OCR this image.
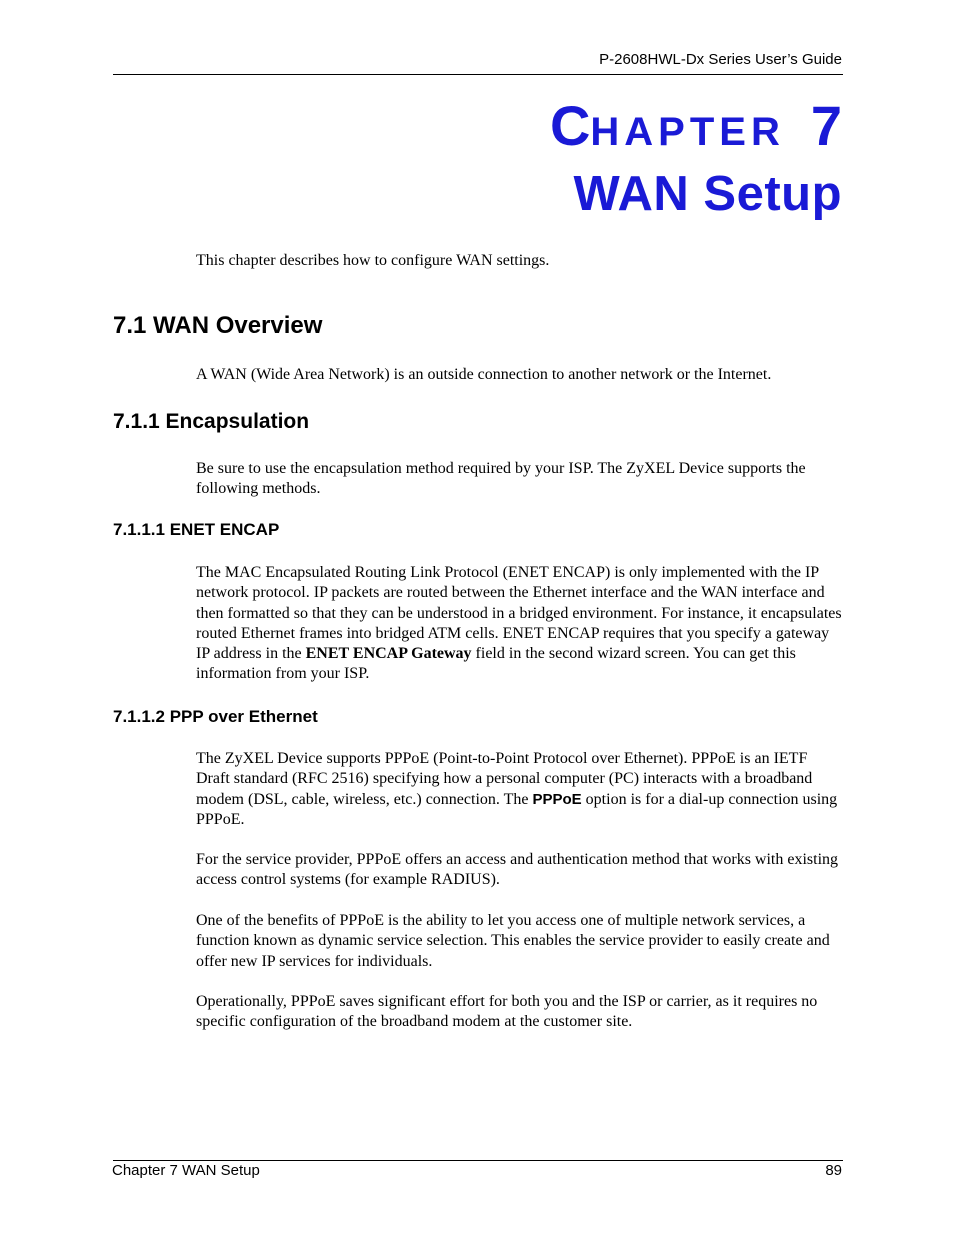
P-2608HWL-Dx Series User’s Guide
CHAPTER 7
WAN Setup
This chapter describes how to configure WAN settings.
7.1 WAN Overview
A WAN (Wide Area Network) is an outside connection to another network or the Internet.
7.1.1 Encapsulation
Be sure to use the encapsulation method required by your ISP. The ZyXEL Device supports the following methods.
7.1.1.1 ENET ENCAP
The MAC Encapsulated Routing Link Protocol (ENET ENCAP) is only implemented with the IP network protocol. IP packets are routed between the Ethernet interface and the WAN interface and then formatted so that they can be understood in a bridged environment. For instance, it encapsulates routed Ethernet frames into bridged ATM cells. ENET ENCAP requires that you specify a gateway IP address in the ENET ENCAP Gateway field in the second wizard screen. You can get this information from your ISP.
7.1.1.2 PPP over Ethernet
The ZyXEL Device supports PPPoE (Point-to-Point Protocol over Ethernet). PPPoE is an IETF Draft standard (RFC 2516) specifying how a personal computer (PC) interacts with a broadband modem (DSL, cable, wireless, etc.) connection. The PPPoE option is for a dial-up connection using PPPoE.
For the service provider, PPPoE offers an access and authentication method that works with existing access control systems (for example RADIUS).
One of the benefits of PPPoE is the ability to let you access one of multiple network services, a function known as dynamic service selection. This enables the service provider to easily create and offer new IP services for individuals.
Operationally, PPPoE saves significant effort for both you and the ISP or carrier, as it requires no specific configuration of the broadband modem at the customer site.
Chapter 7 WAN Setup	89
